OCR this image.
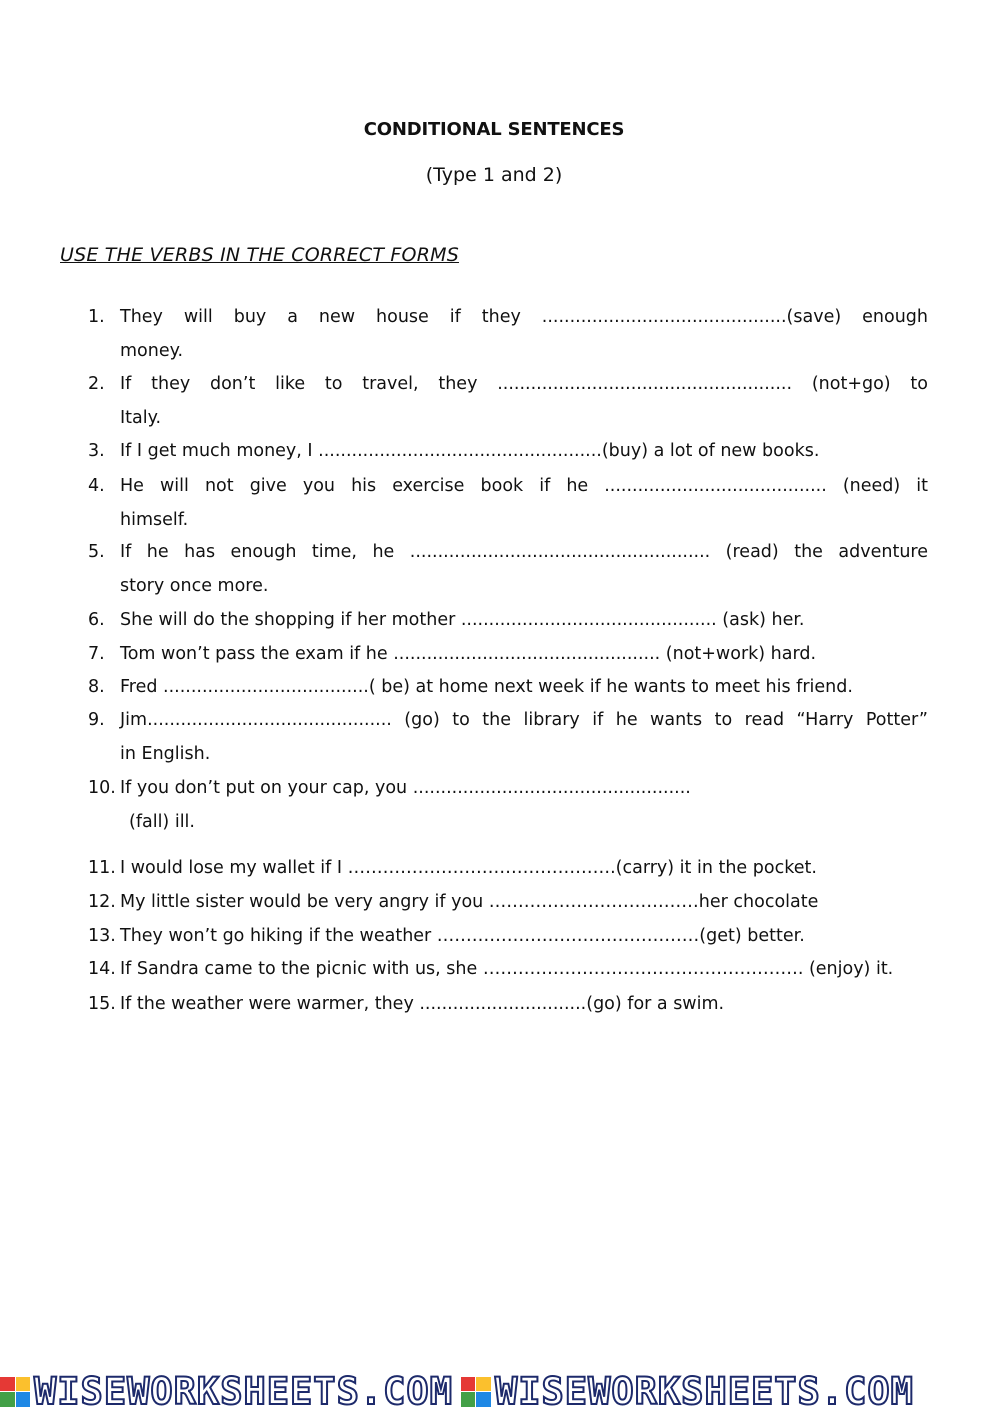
CONDITIONAL SENTENCES
(Type 1 and 2)
USE THE VERBS IN THE CORRECT FORMS
1. They will buy a new house if they ............................................(save) enough
money.
2. If they don’t like to travel, they ..................................................... (not+go) to
Italy.
3. If I get much money, I ...................................................(buy) a lot of new books.
4. He will not give you his exercise book if he ........................................ (need) it
himself.
5. If he has enough time, he ...................................................... (read) the adventure
story once more.
6. She will do the shopping if her mother .............................................. (ask) her.
7. Tom won’t pass the exam if he ................................................ (not+work) hard.
8. Fred .....................................( be) at home next week if he wants to meet his friend.
9. Jim............................................ (go) to the library if he wants to read “Harry Potter”
in English.
10. If you don’t put on your cap, you ..................................................
(fall) ill.
11. I would lose my wallet if I ……………………………………….(carry) it in the pocket.
12. My little sister would be very angry if you ………………………………her chocolate
13. They won’t go hiking if the weather ………………………………………(get) better.
14. If Sandra came to the picnic with us, she ………………………………………………. (enjoy) it.
15. If the weather were warmer, they ..............................(go) for a swim.
WISEWORKSHEETS.COM WISEWORKSHEETS.COM
